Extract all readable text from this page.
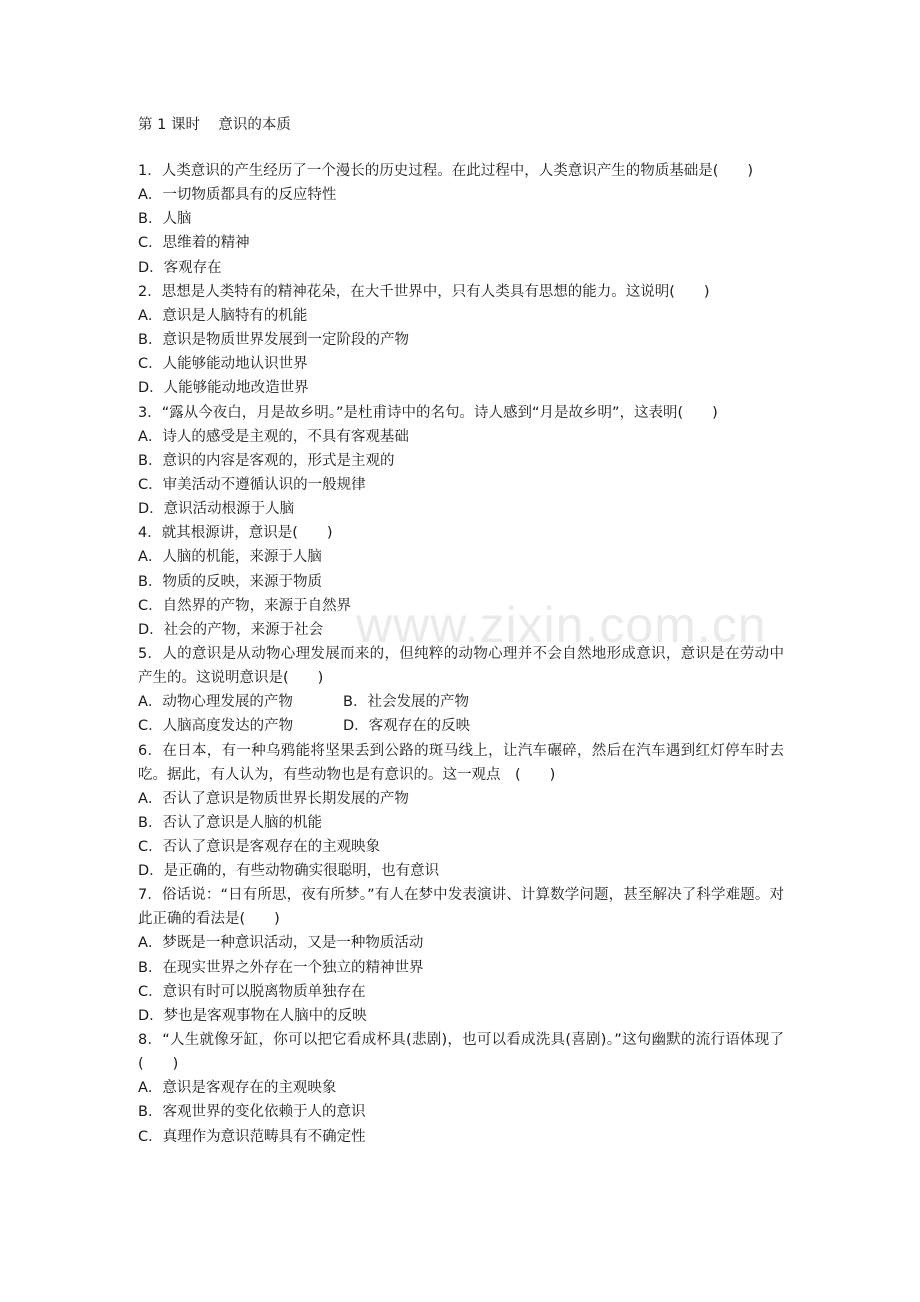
www.zixin.com.cn
第 1 课时    意识的本质
1．人类意识的产生经历了一个漫长的历史过程。在此过程中，人类意识产生的物质基础是(　　)
A．一切物质都具有的反应特性
B．人脑
C．思维着的精神
D．客观存在
2．思想是人类特有的精神花朵，在大千世界中，只有人类具有思想的能力。这说明(　　)
A．意识是人脑特有的机能
B．意识是物质世界发展到一定阶段的产物
C．人能够能动地认识世界
D．人能够能动地改造世界
3．“露从今夜白，月是故乡明。”是杜甫诗中的名句。诗人感到“月是故乡明”，这表明(　　)
A．诗人的感受是主观的，不具有客观基础
B．意识的内容是客观的，形式是主观的
C．审美活动不遵循认识的一般规律
D．意识活动根源于人脑
4．就其根源讲，意识是(　　)
A．人脑的机能，来源于人脑
B．物质的反映，来源于物质
C．自然界的产物，来源于自然界
D．社会的产物，来源于社会
5．人的意识是从动物心理发展而来的，但纯粹的动物心理并不会自然地形成意识，意识是在劳动中产生的。这说明意识是(　　)
A．动物心理发展的产物	B．社会发展的产物
C．人脑高度发达的产物	D．客观存在的反映
6．在日本，有一种乌鸦能将坚果丢到公路的斑马线上，让汽车碾碎，然后在汽车遇到红灯停车时去吃。据此，有人认为，有些动物也是有意识的。这一观点　(　　)
A．否认了意识是物质世界长期发展的产物
B．否认了意识是人脑的机能
C．否认了意识是客观存在的主观映象
D．是正确的，有些动物确实很聪明，也有意识
7．俗话说：“日有所思，夜有所梦。”有人在梦中发表演讲、计算数学问题，甚至解决了科学难题。对此正确的看法是(　　)
A．梦既是一种意识活动，又是一种物质活动
B．在现实世界之外存在一个独立的精神世界
C．意识有时可以脱离物质单独存在
D．梦也是客观事物在人脑中的反映
8．“人生就像牙缸，你可以把它看成杯具(悲剧)，也可以看成洗具(喜剧)。”这句幽默的流行语体现了　(　　)
A．意识是客观存在的主观映象
B．客观世界的变化依赖于人的意识
C．真理作为意识范畴具有不确定性
